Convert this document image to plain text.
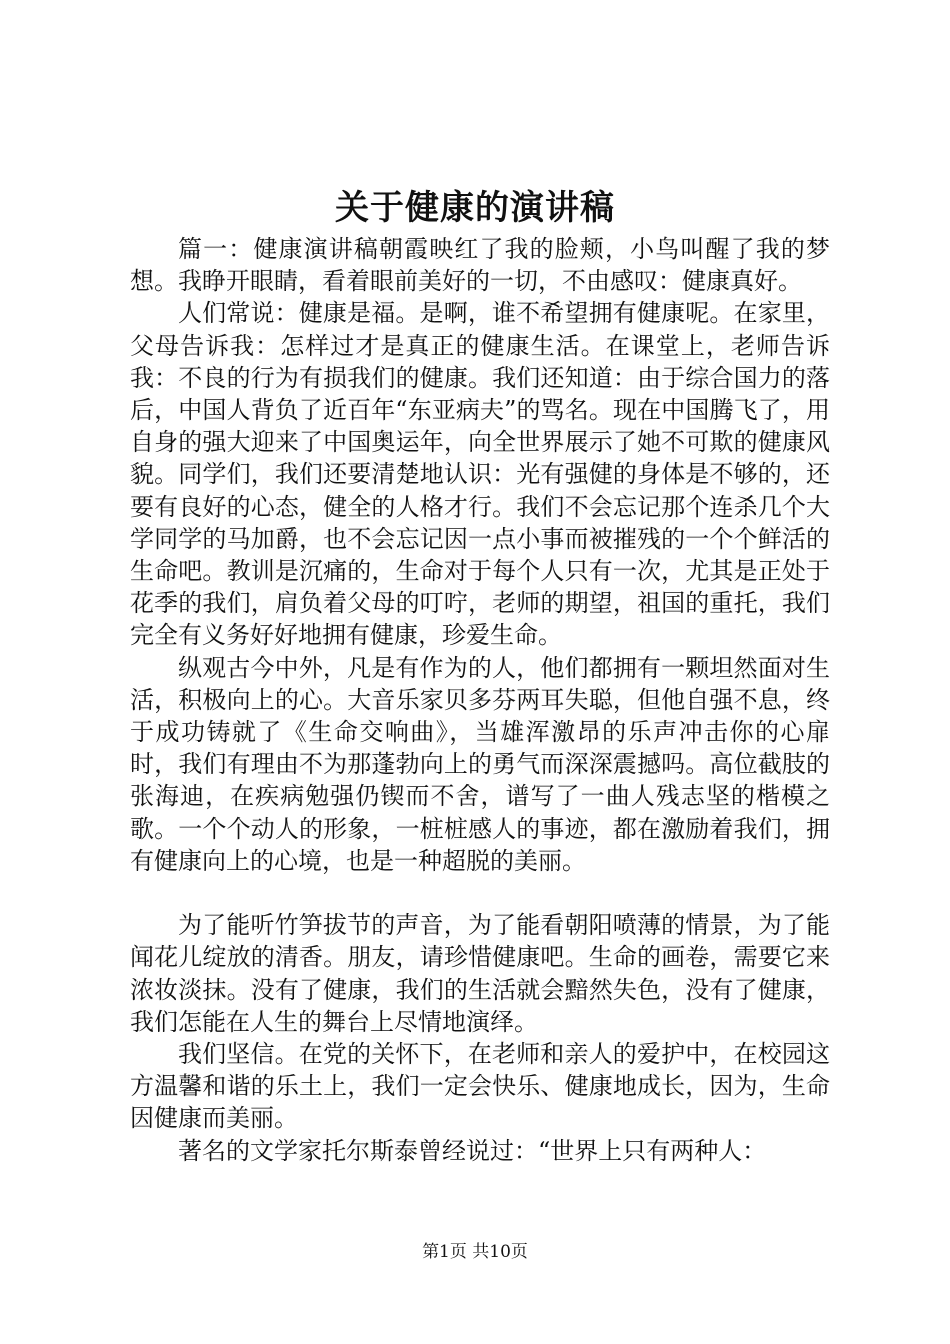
关于健康的演讲稿

篇一：健康演讲稿朝霞映红了我的脸颊，小鸟叫醒了我的梦想。我睁开眼睛，看着眼前美好的一切，不由感叹：健康真好。

人们常说：健康是福。是啊，谁不希望拥有健康呢。在家里，父母告诉我：怎样过才是真正的健康生活。在课堂上，老师告诉我：不良的行为有损我们的健康。我们还知道：由于综合国力的落后，中国人背负了近百年“东亚病夫”的骂名。现在中国腾飞了，用自身的强大迎来了中国奥运年，向全世界展示了她不可欺的健康风貌。同学们，我们还要清楚地认识：光有强健的身体是不够的，还要有良好的心态，健全的人格才行。我们不会忘记那个连杀几个大学同学的马加爵，也不会忘记因一点小事而被摧残的一个个鲜活的生命吧。教训是沉痛的，生命对于每个人只有一次，尤其是正处于花季的我们，肩负着父母的叮咛，老师的期望，祖国的重托，我们完全有义务好好地拥有健康，珍爱生命。

纵观古今中外，凡是有作为的人，他们都拥有一颗坦然面对生活，积极向上的心。大音乐家贝多芬两耳失聪，但他自强不息，终于成功铸就了《生命交响曲》，当雄浑激昂的乐声冲击你的心扉时，我们有理由不为那蓬勃向上的勇气而深深震撼吗。高位截肢的张海迪，在疾病勉强仍锲而不舍，谱写了一曲人残志坚的楷模之歌。一个个动人的形象，一桩桩感人的事迹，都在激励着我们，拥有健康向上的心境，也是一种超脱的美丽。

为了能听竹笋拔节的声音，为了能看朝阳喷薄的情景，为了能闻花儿绽放的清香。朋友，请珍惜健康吧。生命的画卷，需要它来浓妆淡抹。没有了健康，我们的生活就会黯然失色，没有了健康，我们怎能在人生的舞台上尽情地演绎。

我们坚信。在党的关怀下，在老师和亲人的爱护中，在校园这方温馨和谐的乐土上，我们一定会快乐、健康地成长，因为，生命因健康而美丽。

著名的文学家托尔斯泰曾经说过：“世界上只有两种人：

第1页 共10页
